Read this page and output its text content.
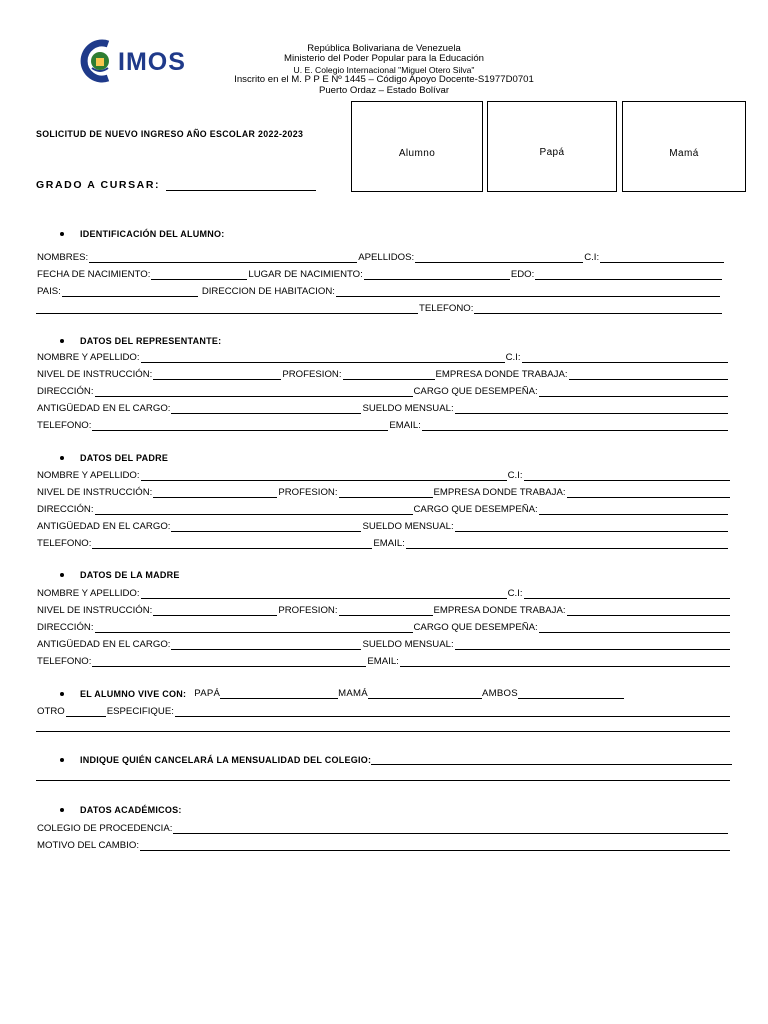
IMOS	República Bolivariana de Venezuela
Ministerio del Poder Popular para la Educación
U. E. Colegio Internacional "Miguel Otero Silva"
Inscrito en el M. P P E Nº 1445 – Código Apoyo Docente-S1977D0701
Puerto Ordaz – Estado Bolívar
SOLICITUD DE NUEVO INGRESO AÑO ESCOLAR 2022-2023
GRADO A CURSAR:
Alumno	Papá	Mamá
IDENTIFICACIÓN DEL ALUMNO:
NOMBRES:	APELLIDOS:	C.I:
FECHA DE NACIMIENTO:	LUGAR DE NACIMIENTO:	EDO:
PAIS:	DIRECCION DE HABITACION:
TELEFONO:
DATOS DEL REPRESENTANTE:
NOMBRE Y APELLIDO:	C.I:
NIVEL DE INSTRUCCIÓN:	PROFESION:	EMPRESA DONDE TRABAJA:
DIRECCIÓN:	CARGO QUE DESEMPEÑA:
ANTIGÜEDAD EN EL CARGO:	SUELDO MENSUAL:
TELEFONO:	EMAIL:
DATOS DEL PADRE
NOMBRE Y APELLIDO:	C.I:
NIVEL DE INSTRUCCIÓN:	PROFESION:	EMPRESA DONDE TRABAJA:
DIRECCIÓN:	CARGO QUE DESEMPEÑA:
ANTIGÜEDAD EN EL CARGO:	SUELDO MENSUAL:
TELEFONO:	EMAIL:
DATOS DE LA MADRE
NOMBRE Y APELLIDO:	C.I:
NIVEL DE INSTRUCCIÓN:	PROFESION:	EMPRESA DONDE TRABAJA:
DIRECCIÓN:	CARGO QUE DESEMPEÑA:
ANTIGÜEDAD EN EL CARGO:	SUELDO MENSUAL:
TELEFONO:	EMAIL:
EL ALUMNO VIVE CON: PAPÁ	MAMÁ	AMBOS
OTRO	ESPECIFIQUE:
INDIQUE QUIÉN CANCELARÁ LA MENSUALIDAD DEL COLEGIO:
DATOS ACADÉMICOS:
COLEGIO DE PROCEDENCIA:
MOTIVO DEL CAMBIO:
